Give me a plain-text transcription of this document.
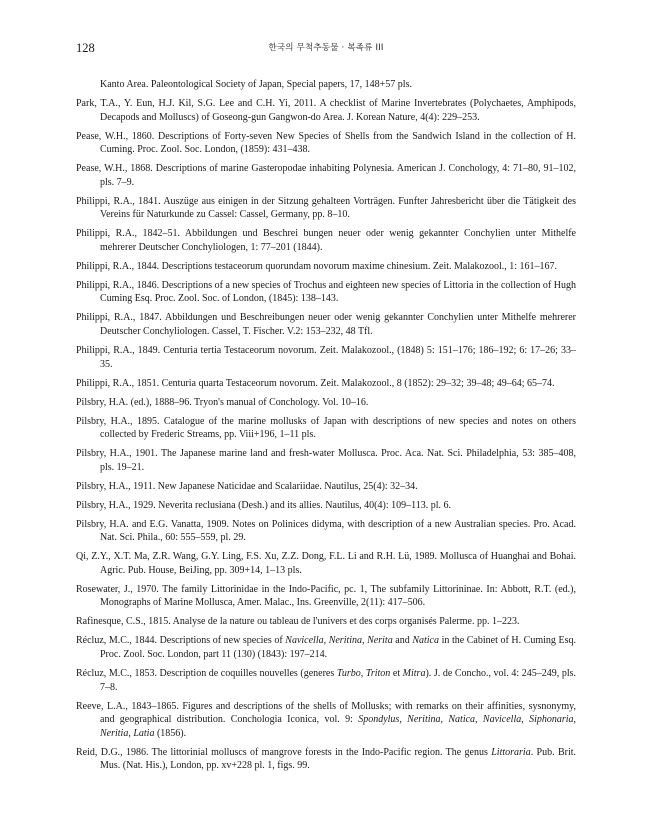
128	한국의 무척추동물 · 복족류 III

Kanto Area. Paleontological Society of Japan, Special papers, 17, 148+57 pls.

Park, T.A., Y. Eun, H.J. Kil, S.G. Lee and C.H. Yi, 2011. A checklist of Marine Invertebrates (Polychaetes, Amphipods, Decapods and Molluscs) of Goseong-gun Gangwon-do Area. J. Korean Nature, 4(4): 229–253.

Pease, W.H., 1860. Descriptions of Forty-seven New Species of Shells from the Sandwich Island in the collection of H. Cuming. Proc. Zool. Soc. London, (1859): 431–438.

Pease, W.H., 1868. Descriptions of marine Gasteropodae inhabiting Polynesia. American J. Conchology, 4: 71–80, 91–102, pls. 7–9.

Philippi, R.A., 1841. Auszüge aus einigen in der Sitzung gehalteen Vorträgen. Funfter Jahresbericht über die Tätigkeit des Vereins für Naturkunde zu Cassel: Cassel, Germany, pp. 8–10.

Philippi, R.A., 1842–51. Abbildungen und Beschrei bungen neuer oder wenig gekannter Conchylien unter Mithelfe mehrerer Deutscher Conchyliologen, 1: 77–201 (1844).

Philippi, R.A., 1844. Descriptions testaceorum quorundam novorum maxime chinesium. Zeit. Malakozool., 1: 161–167.

Philippi, R.A., 1846. Descriptions of a new species of Trochus and eighteen new species of Littoria in the collection of Hugh Cuming Esq. Proc. Zool. Soc. of London, (1845): 138–143.

Philippi, R.A., 1847. Abbildungen und Beschreibungen neuer oder wenig gekannter Conchylien unter Mithelfe mehrerer Deutscher Conchyliologen. Cassel, T. Fischer. V.2: 153–232, 48 Tfl.

Philippi, R.A., 1849. Centuria tertia Testaceorum novorum. Zeit. Malakozool., (1848) 5: 151–176; 186–192; 6: 17–26; 33–35.

Philippi, R.A., 1851. Centuria quarta Testaceorum novorum. Zeit. Malakozool., 8 (1852): 29–32; 39–48; 49–64; 65–74.

Pilsbry, H.A. (ed.), 1888–96. Tryon's manual of Conchology. Vol. 10–16.

Pilsbry, H.A., 1895. Catalogue of the marine mollusks of Japan with descriptions of new species and notes on others collected by Frederic Streams, pp. Viii+196, 1–11 pls.

Pilsbry, H.A., 1901. The Japanese marine land and fresh-water Mollusca. Proc. Aca. Nat. Sci. Philadelphia, 53: 385–408, pls. 19–21.

Pilsbry, H.A., 1911. New Japanese Naticidae and Scalariidae. Nautilus, 25(4): 32–34.

Pilsbry, H.A., 1929. Neverita reclusiana (Desh.) and its allies. Nautilus, 40(4): 109–113. pl. 6.

Pilsbry, H.A. and E.G. Vanatta, 1909. Notes on Polinices didyma, with description of a new Australian species. Pro. Acad. Nat. Sci. Phila., 60: 555–559, pl. 29.

Qi, Z.Y., X.T. Ma, Z.R. Wang, G.Y. Ling, F.S. Xu, Z.Z. Dong, F.L. Li and R.H. Lü, 1989. Mollusca of Huanghai and Bohai. Agric. Pub. House, BeiJing, pp. 309+14, 1–13 pls.

Rosewater, J., 1970. The family Littorinidae in the Indo-Pacific, pc. 1, The subfamily Littorininae. In: Abbott, R.T. (ed.), Monographs of Marine Mollusca, Amer. Malac., Ins. Greenville, 2(11): 417–506.

Rafinesque, C.S., 1815. Analyse de la nature ou tableau de l'univers et des corps organisés Palerme. pp. 1–223.

Récluz, M.C., 1844. Descriptions of new species of Navicella, Neritina, Nerita and Natica in the Cabinet of H. Cuming Esq. Proc. Zool. Soc. London, part 11 (130) (1843): 197–214.

Récluz, M.C., 1853. Description de coquilles nouvelles (generes Turbo, Triton et Mitra). J. de Concho., vol. 4: 245–249, pls. 7–8.

Reeve, L.A., 1843–1865. Figures and descriptions of the shells of Mollusks; with remarks on their affinities, sysnonymy, and geographical distribution. Conchologia Iconica, vol. 9: Spondylus, Neritina, Natica, Navicella, Siphonaria, Neritia, Latia (1856).

Reid, D.G., 1986. The littorinial molluscs of mangrove forests in the Indo-Pacific region. The genus Littoraria. Pub. Brit. Mus. (Nat. His.), London, pp. xv+228 pl. 1, figs. 99.
